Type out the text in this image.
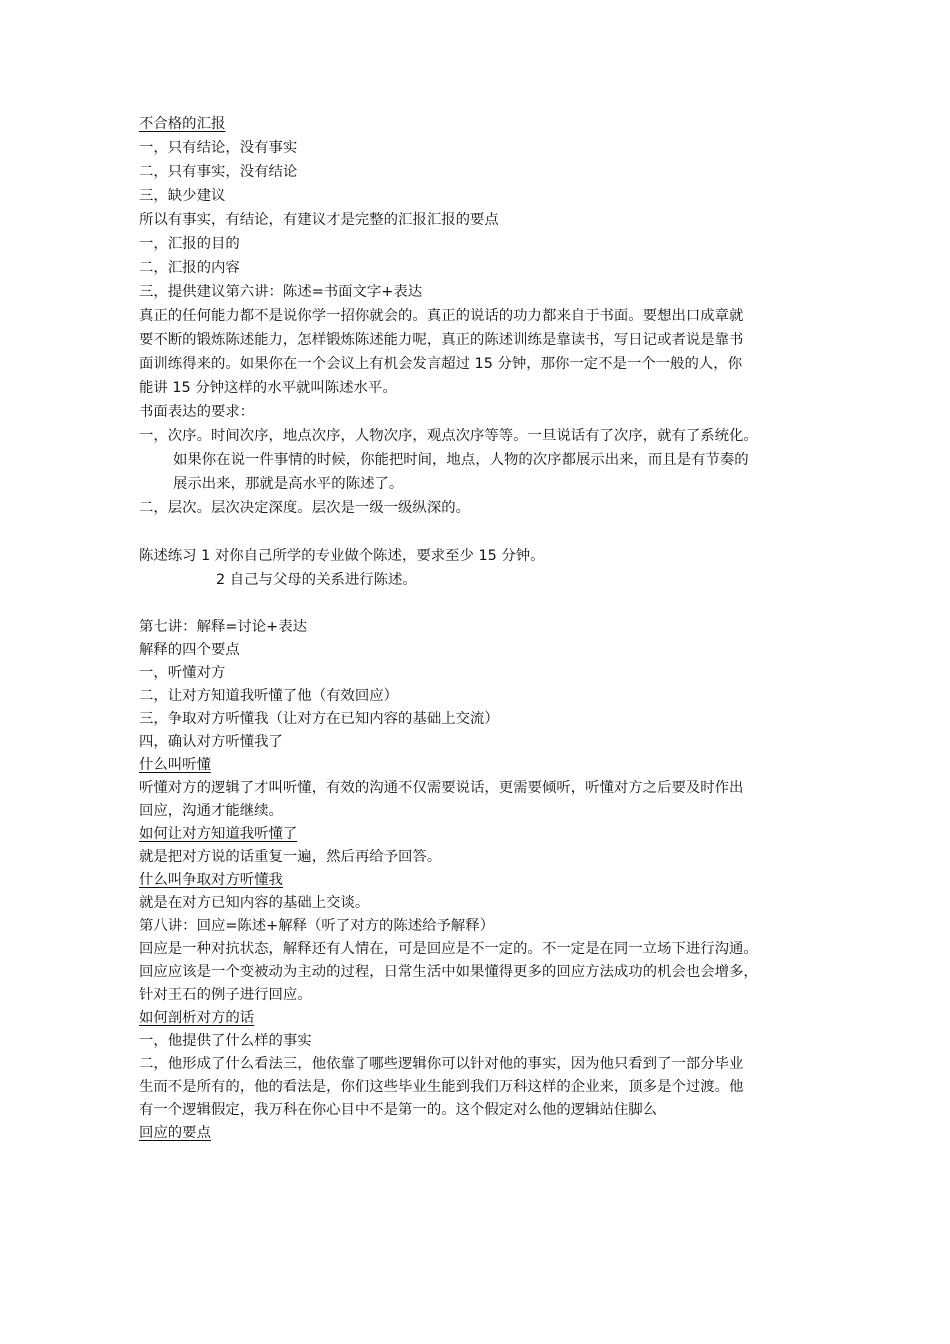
不合格的汇报
一，只有结论，没有事实
二，只有事实，没有结论
三，缺少建议
所以有事实，有结论，有建议才是完整的汇报汇报的要点
一，汇报的目的
二，汇报的内容
三，提供建议第六讲：陈述=书面文字+表达
真正的任何能力都不是说你学一招你就会的。真正的说话的功力都来自于书面。要想出口成章就
要不断的锻炼陈述能力，怎样锻炼陈述能力呢，真正的陈述训练是靠读书，写日记或者说是靠书
面训练得来的。如果你在一个会议上有机会发言超过 15 分钟，那你一定不是一个一般的人，你
能讲 15 分钟这样的水平就叫陈述水平。
书面表达的要求：
一，次序。时间次序，地点次序，人物次序，观点次序等等。一旦说话有了次序，就有了系统化。
如果你在说一件事情的时候，你能把时间，地点，人物的次序都展示出来，而且是有节奏的
展示出来，那就是高水平的陈述了。
二，层次。层次决定深度。层次是一级一级纵深的。
陈述练习 1 对你自己所学的专业做个陈述，要求至少 15 分钟。
2 自己与父母的关系进行陈述。
第七讲：解释=讨论+表达
解释的四个要点
一，听懂对方
二，让对方知道我听懂了他（有效回应）
三，争取对方听懂我（让对方在已知内容的基础上交流）
四，确认对方听懂我了
什么叫听懂
听懂对方的逻辑了才叫听懂，有效的沟通不仅需要说话，更需要倾听，听懂对方之后要及时作出
回应，沟通才能继续。
如何让对方知道我听懂了
就是把对方说的话重复一遍，然后再给予回答。
什么叫争取对方听懂我
就是在对方已知内容的基础上交谈。
第八讲：回应=陈述+解释（听了对方的陈述给予解释）
回应是一种对抗状态，解释还有人情在，可是回应是不一定的。不一定是在同一立场下进行沟通。
回应应该是一个变被动为主动的过程，日常生活中如果懂得更多的回应方法成功的机会也会增多，
针对王石的例子进行回应。
如何剖析对方的话
一，他提供了什么样的事实
二，他形成了什么看法三，他依靠了哪些逻辑你可以针对他的事实，因为他只看到了一部分毕业
生而不是所有的，他的看法是，你们这些毕业生能到我们万科这样的企业来，顶多是个过渡。他
有一个逻辑假定，我万科在你心目中不是第一的。这个假定对么他的逻辑站住脚么
回应的要点
